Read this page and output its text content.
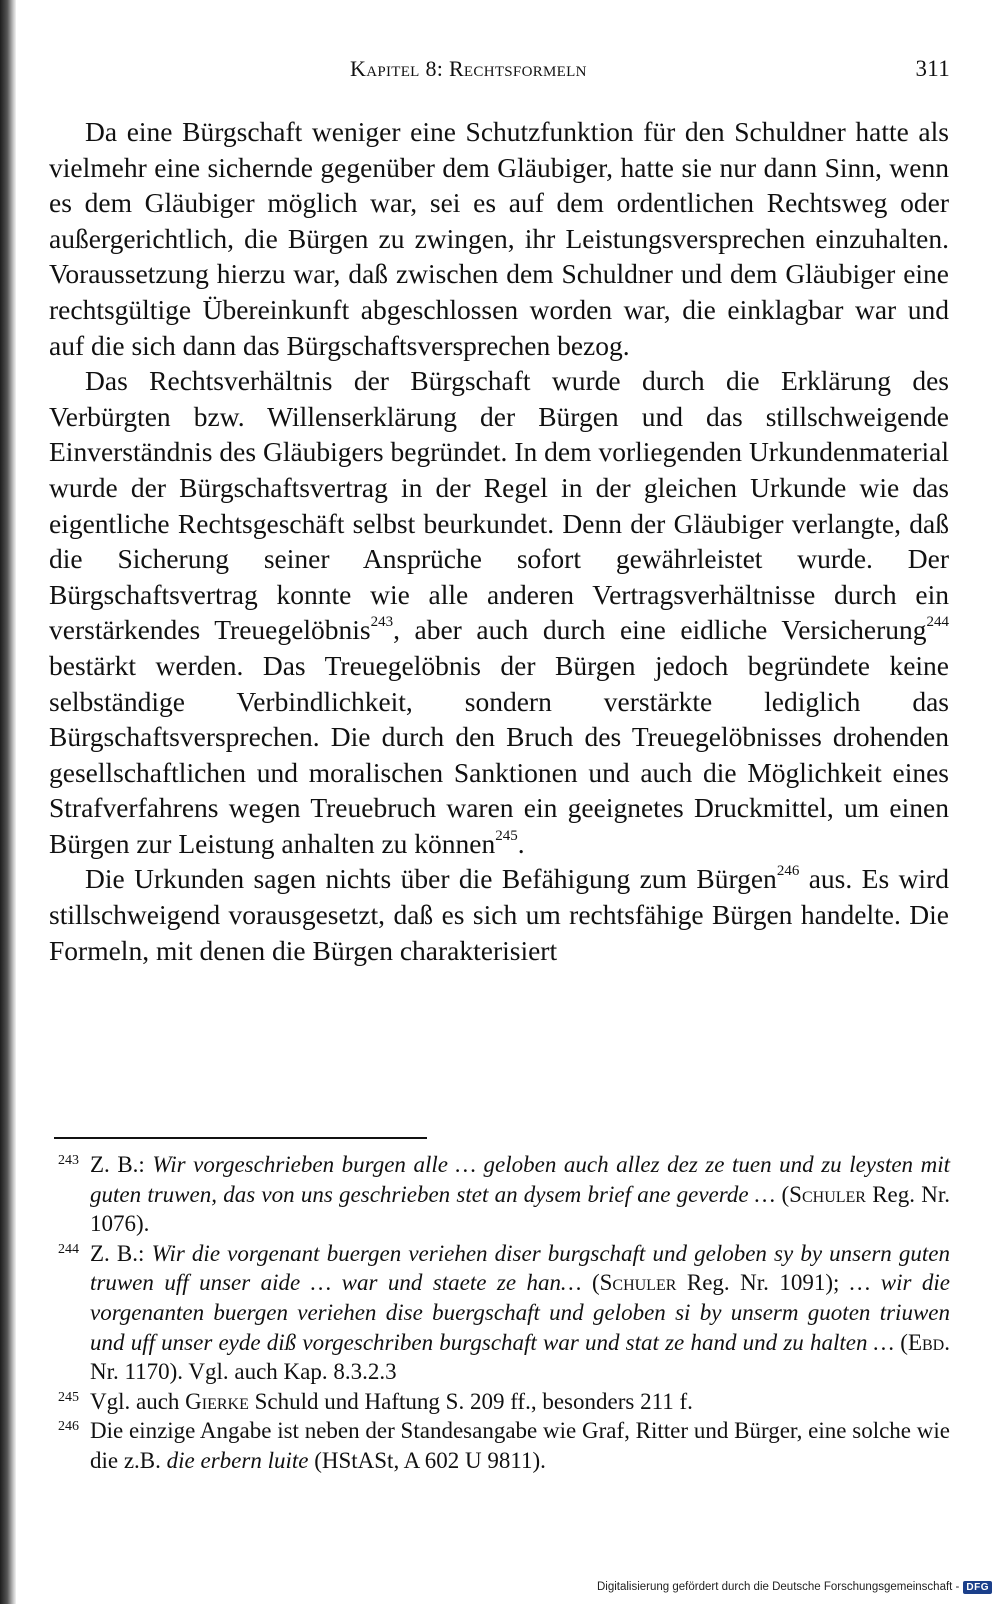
Kapitel 8: Rechtsformeln	311

Da eine Bürgschaft weniger eine Schutzfunktion für den Schuldner hatte als vielmehr eine sichernde gegenüber dem Gläubiger, hatte sie nur dann Sinn, wenn es dem Gläubiger möglich war, sei es auf dem ordentlichen Rechtsweg oder außergerichtlich, die Bürgen zu zwingen, ihr Leistungsversprechen einzuhalten. Voraussetzung hierzu war, daß zwischen dem Schuldner und dem Gläubiger eine rechtsgültige Übereinkunft abgeschlossen worden war, die einklagbar war und auf die sich dann das Bürgschaftsversprechen bezog.

Das Rechtsverhältnis der Bürgschaft wurde durch die Erklärung des Verbürgten bzw. Willenserklärung der Bürgen und das stillschweigende Einverständnis des Gläubigers begründet. In dem vorliegenden Urkundenmaterial wurde der Bürgschaftsvertrag in der Regel in der gleichen Urkunde wie das eigentliche Rechtsgeschäft selbst beurkundet. Denn der Gläubiger verlangte, daß die Sicherung seiner Ansprüche sofort gewährleistet wurde. Der Bürgschaftsvertrag konnte wie alle anderen Vertragsverhältnisse durch ein verstärkendes Treuegelöbnis$^{243}$, aber auch durch eine eidliche Versicherung$^{244}$ bestärkt werden. Das Treuegelöbnis der Bürgen jedoch begründete keine selbständige Verbindlichkeit, sondern verstärkte lediglich das Bürgschaftsversprechen. Die durch den Bruch des Treuegelöbnisses drohenden gesellschaftlichen und moralischen Sanktionen und auch die Möglichkeit eines Strafverfahrens wegen Treuebruch waren ein geeignetes Druckmittel, um einen Bürgen zur Leistung anhalten zu können$^{245}$.

Die Urkunden sagen nichts über die Befähigung zum Bürgen$^{246}$ aus. Es wird stillschweigend vorausgesetzt, daß es sich um rechtsfähige Bürgen handelte. Die Formeln, mit denen die Bürgen charakterisiert

243 Z. B.: Wir vorgeschrieben burgen alle … geloben auch allez dez ze tuen und zu leysten mit guten truwen, das von uns geschrieben stet an dysem brief ane geverde … (Schuler Reg. Nr. 1076).

244 Z. B.: Wir die vorgenant buergen veriehen diser burgschaft und geloben sy by unsern guten truwen uff unser aide … war und staete ze han… (Schuler Reg. Nr. 1091); … wir die vorgenanten buergen veriehen dise buergschaft und geloben si by unserm guoten triuwen und uff unser eyde diß vorgeschriben burgschaft war und stat ze hand und zu halten … (Ebd. Nr. 1170). Vgl. auch Kap. 8.3.2.3

245 Vgl. auch Gierke Schuld und Haftung S. 209 ff., besonders 211 f.

246 Die einzige Angabe ist neben der Standesangabe wie Graf, Ritter und Bürger, eine solche wie die z.B. die erbern luite (HStASt, A 602 U 9811).

Digitalisierung gefördert durch die Deutsche Forschungsgemeinschaft - DFG
